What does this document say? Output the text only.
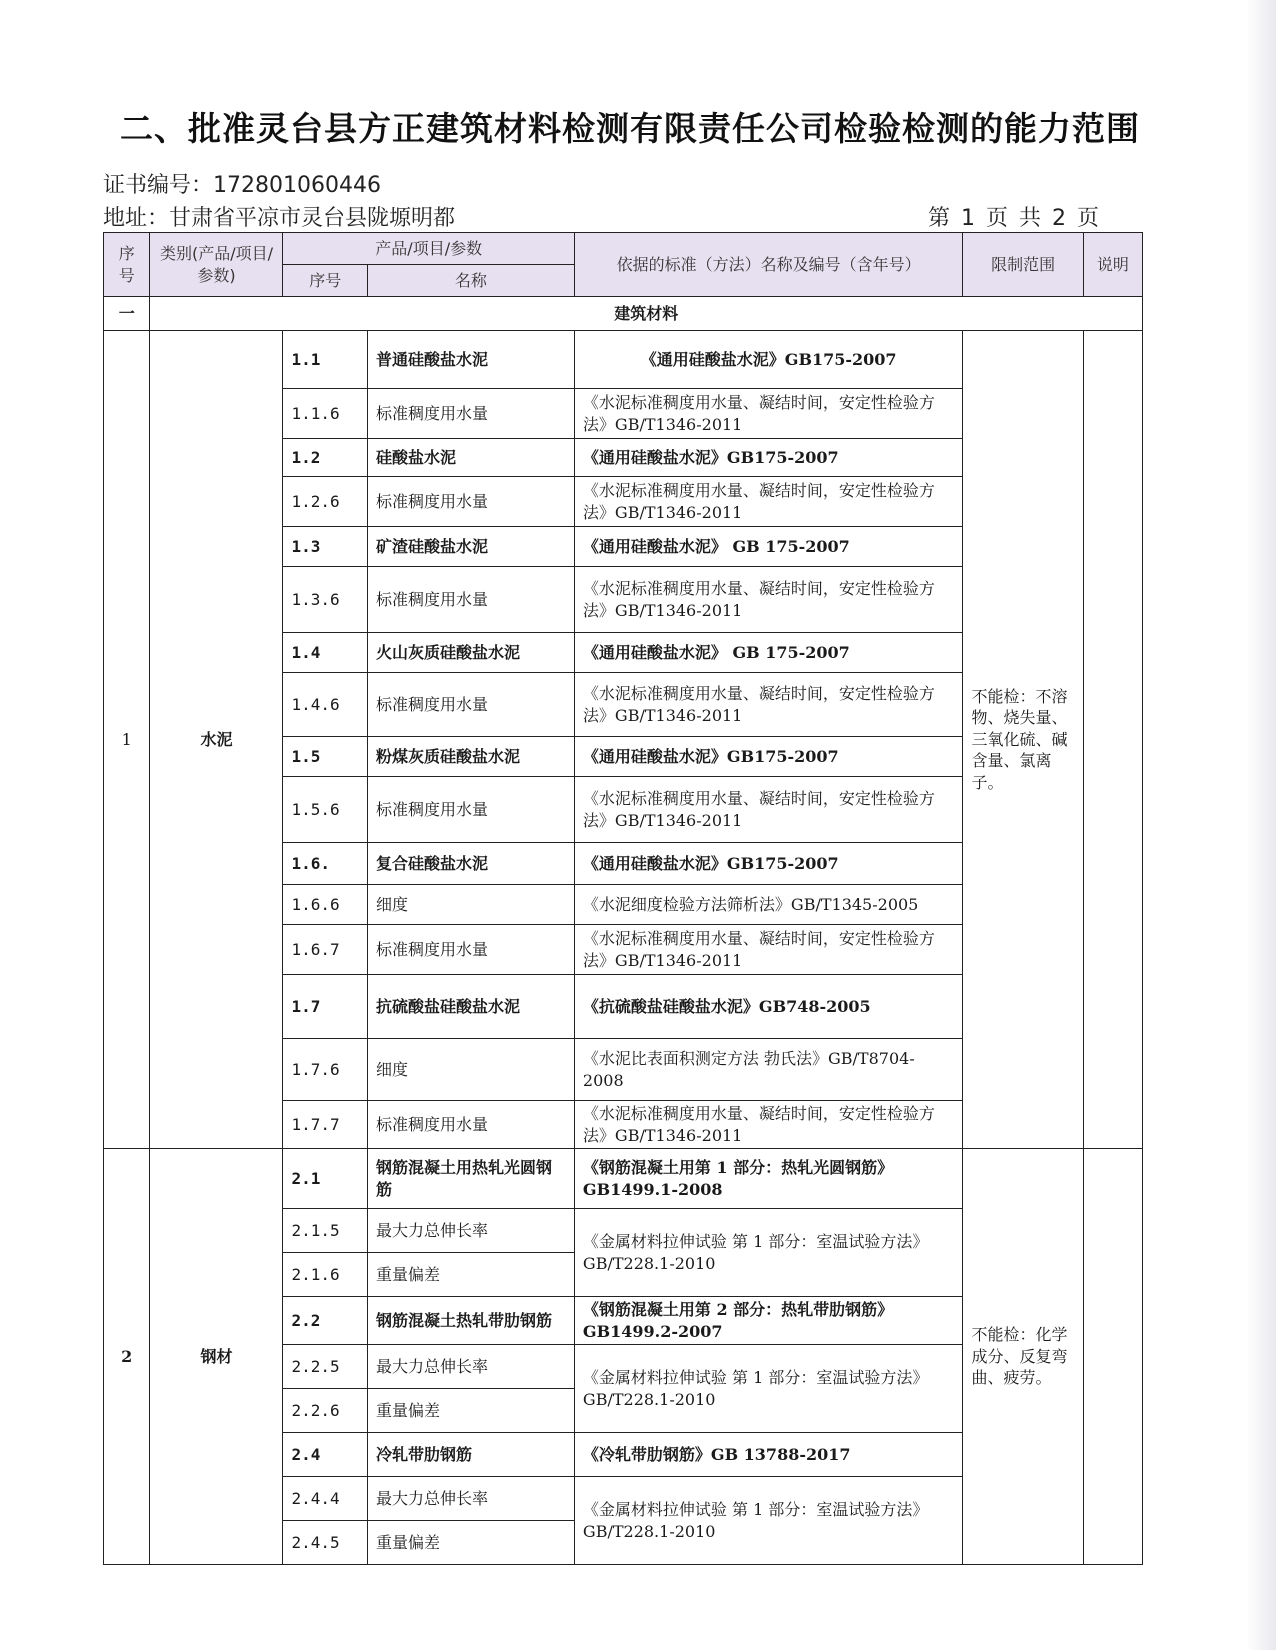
二、批准灵台县方正建筑材料检测有限责任公司检验检测的能力范围
证书编号：172801060446
地址：甘肃省平凉市灵台县陇塬明都	第 1 页 共 2 页
序号	类别(产品/项目/参数)	产品/项目/参数		依据的标准（方法）名称及编号（含年号）	限制范围	说明
		序号	名称			
一	建筑材料					
1	水泥	1.1	普通硅酸盐水泥	《通用硅酸盐水泥》GB175-2007	不能检：不溶物、烧失量、三氧化硫、碱含量、氯离子。	
		1.1.6	标准稠度用水量	《水泥标准稠度用水量、凝结时间，安定性检验方法》GB/T1346-2011		
		1.2	硅酸盐水泥	《通用硅酸盐水泥》GB175-2007		
		1.2.6	标准稠度用水量	《水泥标准稠度用水量、凝结时间，安定性检验方法》GB/T1346-2011		
		1.3	矿渣硅酸盐水泥	《通用硅酸盐水泥》 GB 175-2007		
		1.3.6	标准稠度用水量	《水泥标准稠度用水量、凝结时间，安定性检验方法》GB/T1346-2011		
		1.4	火山灰质硅酸盐水泥	《通用硅酸盐水泥》 GB 175-2007		
		1.4.6	标准稠度用水量	《水泥标准稠度用水量、凝结时间，安定性检验方法》GB/T1346-2011		
		1.5	粉煤灰质硅酸盐水泥	《通用硅酸盐水泥》GB175-2007		
		1.5.6	标准稠度用水量	《水泥标准稠度用水量、凝结时间，安定性检验方法》GB/T1346-2011		
		1.6.	复合硅酸盐水泥	《通用硅酸盐水泥》GB175-2007		
		1.6.6	细度	《水泥细度检验方法筛析法》GB/T1345-2005		
		1.6.7	标准稠度用水量	《水泥标准稠度用水量、凝结时间，安定性检验方法》GB/T1346-2011		
		1.7	抗硫酸盐硅酸盐水泥	《抗硫酸盐硅酸盐水泥》GB748-2005		
		1.7.6	细度	《水泥比表面积测定方法 勃氏法》GB/T8704-2008		
		1.7.7	标准稠度用水量	《水泥标准稠度用水量、凝结时间，安定性检验方法》GB/T1346-2011		
2	钢材	2.1	钢筋混凝土用热轧光圆钢筋	《钢筋混凝土用第 1 部分：热轧光圆钢筋》GB1499.1-2008	不能检：化学成分、反复弯曲、疲劳。	
		2.1.5	最大力总伸长率	《金属材料拉伸试验 第 1 部分：室温试验方法》GB/T228.1-2010		
		2.1.6	重量偏差			
		2.2	钢筋混凝土热轧带肋钢筋	《钢筋混凝土用第 2 部分：热轧带肋钢筋》GB1499.2-2007		
		2.2.5	最大力总伸长率	《金属材料拉伸试验 第 1 部分：室温试验方法》GB/T228.1-2010		
		2.2.6	重量偏差			
		2.4	冷轧带肋钢筋	《冷轧带肋钢筋》GB 13788-2017		
		2.4.4	最大力总伸长率	《金属材料拉伸试验 第 1 部分：室温试验方法》GB/T228.1-2010		
		2.4.5	重量偏差			
